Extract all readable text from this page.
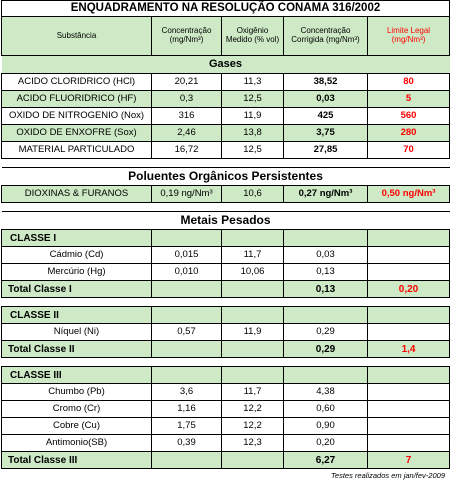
ENQUADRAMENTO NA RESOLUÇÃO CONAMA 316/2002				
Substância	Concentração (mg/Nm³)	Oxigênio Medido (% vol)	Concentração Corrigida (mg/Nm³)	Limite Legal (mg/Nm³)
Gases				
ACIDO CLORIDRICO (HCl)	20,21	11,3	38,52	80
ACIDO FLUORIDRICO (HF)	0,3	12,5	0,03	5
OXIDO DE NITROGENIO (Nox)	316	11,9	425	560
OXIDO DE ENXOFRE (Sox)	2,46	13,8	3,75	280
MATERIAL PARTICULADO	16,72	12,5	27,85	70

Poluentes Orgânicos Persistentes				
DIOXINAS & FURANOS	0,19 ng/Nm³	10,6	0,27 ng/Nm³	0,50 ng/Nm³

Metais Pesados				
CLASSE I				
Cádmio (Cd)	0,015	11,7	0,03	
Mercúrio (Hg)	0,010	10,06	0,13	
Total Classe I			0,13	0,20

CLASSE II				
Níquel (Ni)	0,57	11,9	0,29	
Total Classe II			0,29	1,4

CLASSE III				
Chumbo (Pb)	3,6	11,7	4,38	
Cromo (Cr)	1,16	12,2	0,60	
Cobre (Cu)	1,75	12,2	0,90	
Antimonio(SB)	0,39	12,3	0,20	
Total Classe III			6,27	7
Testes realizados em jan/fev-2009
